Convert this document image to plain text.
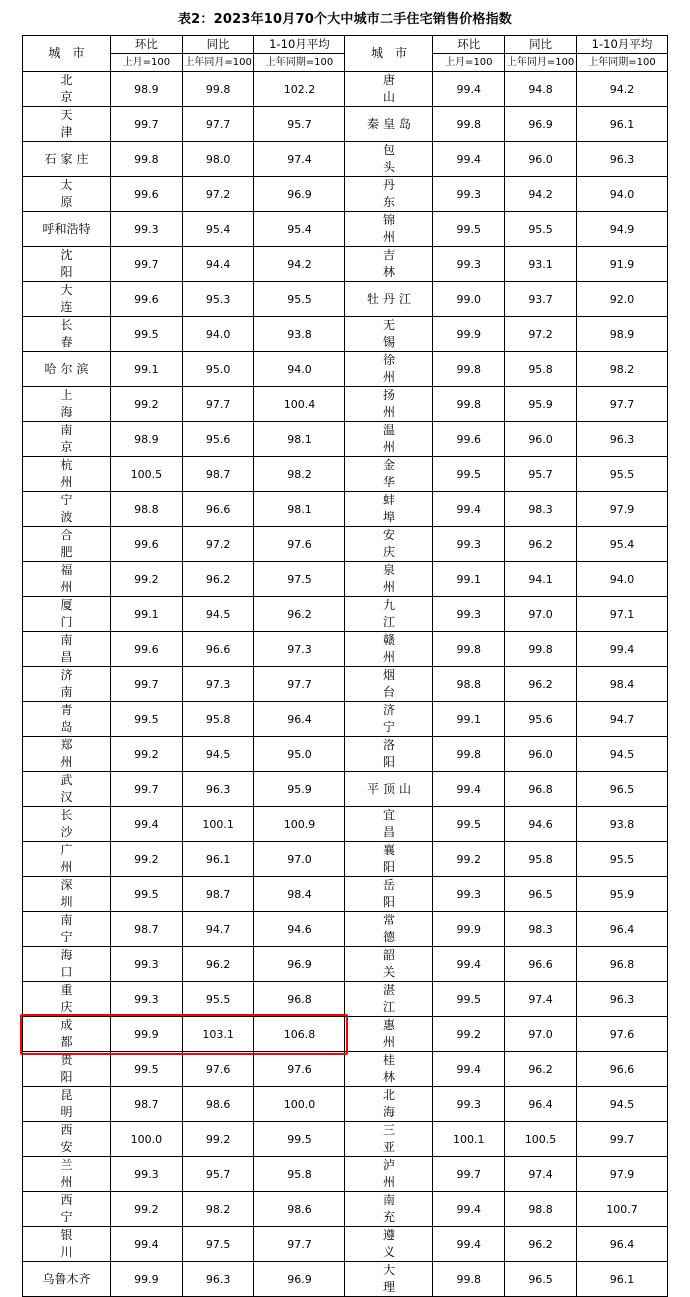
表2：2023年10月70个大中城市二手住宅销售价格指数
城　市	环比	同比	1-10月平均	城　市	环比	同比	1-10月平均
	上月=100	上年同月=100	上年同期=100		上月=100	上年同月=100	上年同期=100
北　京	98.9	99.8	102.2	唐　山	99.4	94.8	94.2
天　津	99.7	97.7	95.7	秦皇岛	99.8	96.9	96.1
石家庄	99.8	98.0	97.4	包　头	99.4	96.0	96.3
太　原	99.6	97.2	96.9	丹　东	99.3	94.2	94.0
呼和浩特	99.3	95.4	95.4	锦　州	99.5	95.5	94.9
沈　阳	99.7	94.4	94.2	吉　林	99.3	93.1	91.9
大　连	99.6	95.3	95.5	牡丹江	99.0	93.7	92.0
长　春	99.5	94.0	93.8	无　锡	99.9	97.2	98.9
哈尔滨	99.1	95.0	94.0	徐　州	99.8	95.8	98.2
上　海	99.2	97.7	100.4	扬　州	99.8	95.9	97.7
南　京	98.9	95.6	98.1	温　州	99.6	96.0	96.3
杭　州	100.5	98.7	98.2	金　华	99.5	95.7	95.5
宁　波	98.8	96.6	98.1	蚌　埠	99.4	98.3	97.9
合　肥	99.6	97.2	97.6	安　庆	99.3	96.2	95.4
福　州	99.2	96.2	97.5	泉　州	99.1	94.1	94.0
厦　门	99.1	94.5	96.2	九　江	99.3	97.0	97.1
南　昌	99.6	96.6	97.3	赣　州	99.8	99.8	99.4
济　南	99.7	97.3	97.7	烟　台	98.8	96.2	98.4
青　岛	99.5	95.8	96.4	济　宁	99.1	95.6	94.7
郑　州	99.2	94.5	95.0	洛　阳	99.8	96.0	94.5
武　汉	99.7	96.3	95.9	平顶山	99.4	96.8	96.5
长　沙	99.4	100.1	100.9	宜　昌	99.5	94.6	93.8
广　州	99.2	96.1	97.0	襄　阳	99.2	95.8	95.5
深　圳	99.5	98.7	98.4	岳　阳	99.3	96.5	95.9
南　宁	98.7	94.7	94.6	常　德	99.9	98.3	96.4
海　口	99.3	96.2	96.9	韶　关	99.4	96.6	96.8
重　庆	99.3	95.5	96.8	湛　江	99.5	97.4	96.3
成　都	99.9	103.1	106.8	惠　州	99.2	97.0	97.6
贵　阳	99.5	97.6	97.6	桂　林	99.4	96.2	96.6
昆　明	98.7	98.6	100.0	北　海	99.3	96.4	94.5
西　安	100.0	99.2	99.5	三　亚	100.1	100.5	99.7
兰　州	99.3	95.7	95.8	泸　州	99.7	97.4	97.9
西　宁	99.2	98.2	98.6	南　充	99.4	98.8	100.7
银　川	99.4	97.5	97.7	遵　义	99.4	96.2	96.4
乌鲁木齐	99.9	96.3	96.9	大　理	99.8	96.5	96.1
